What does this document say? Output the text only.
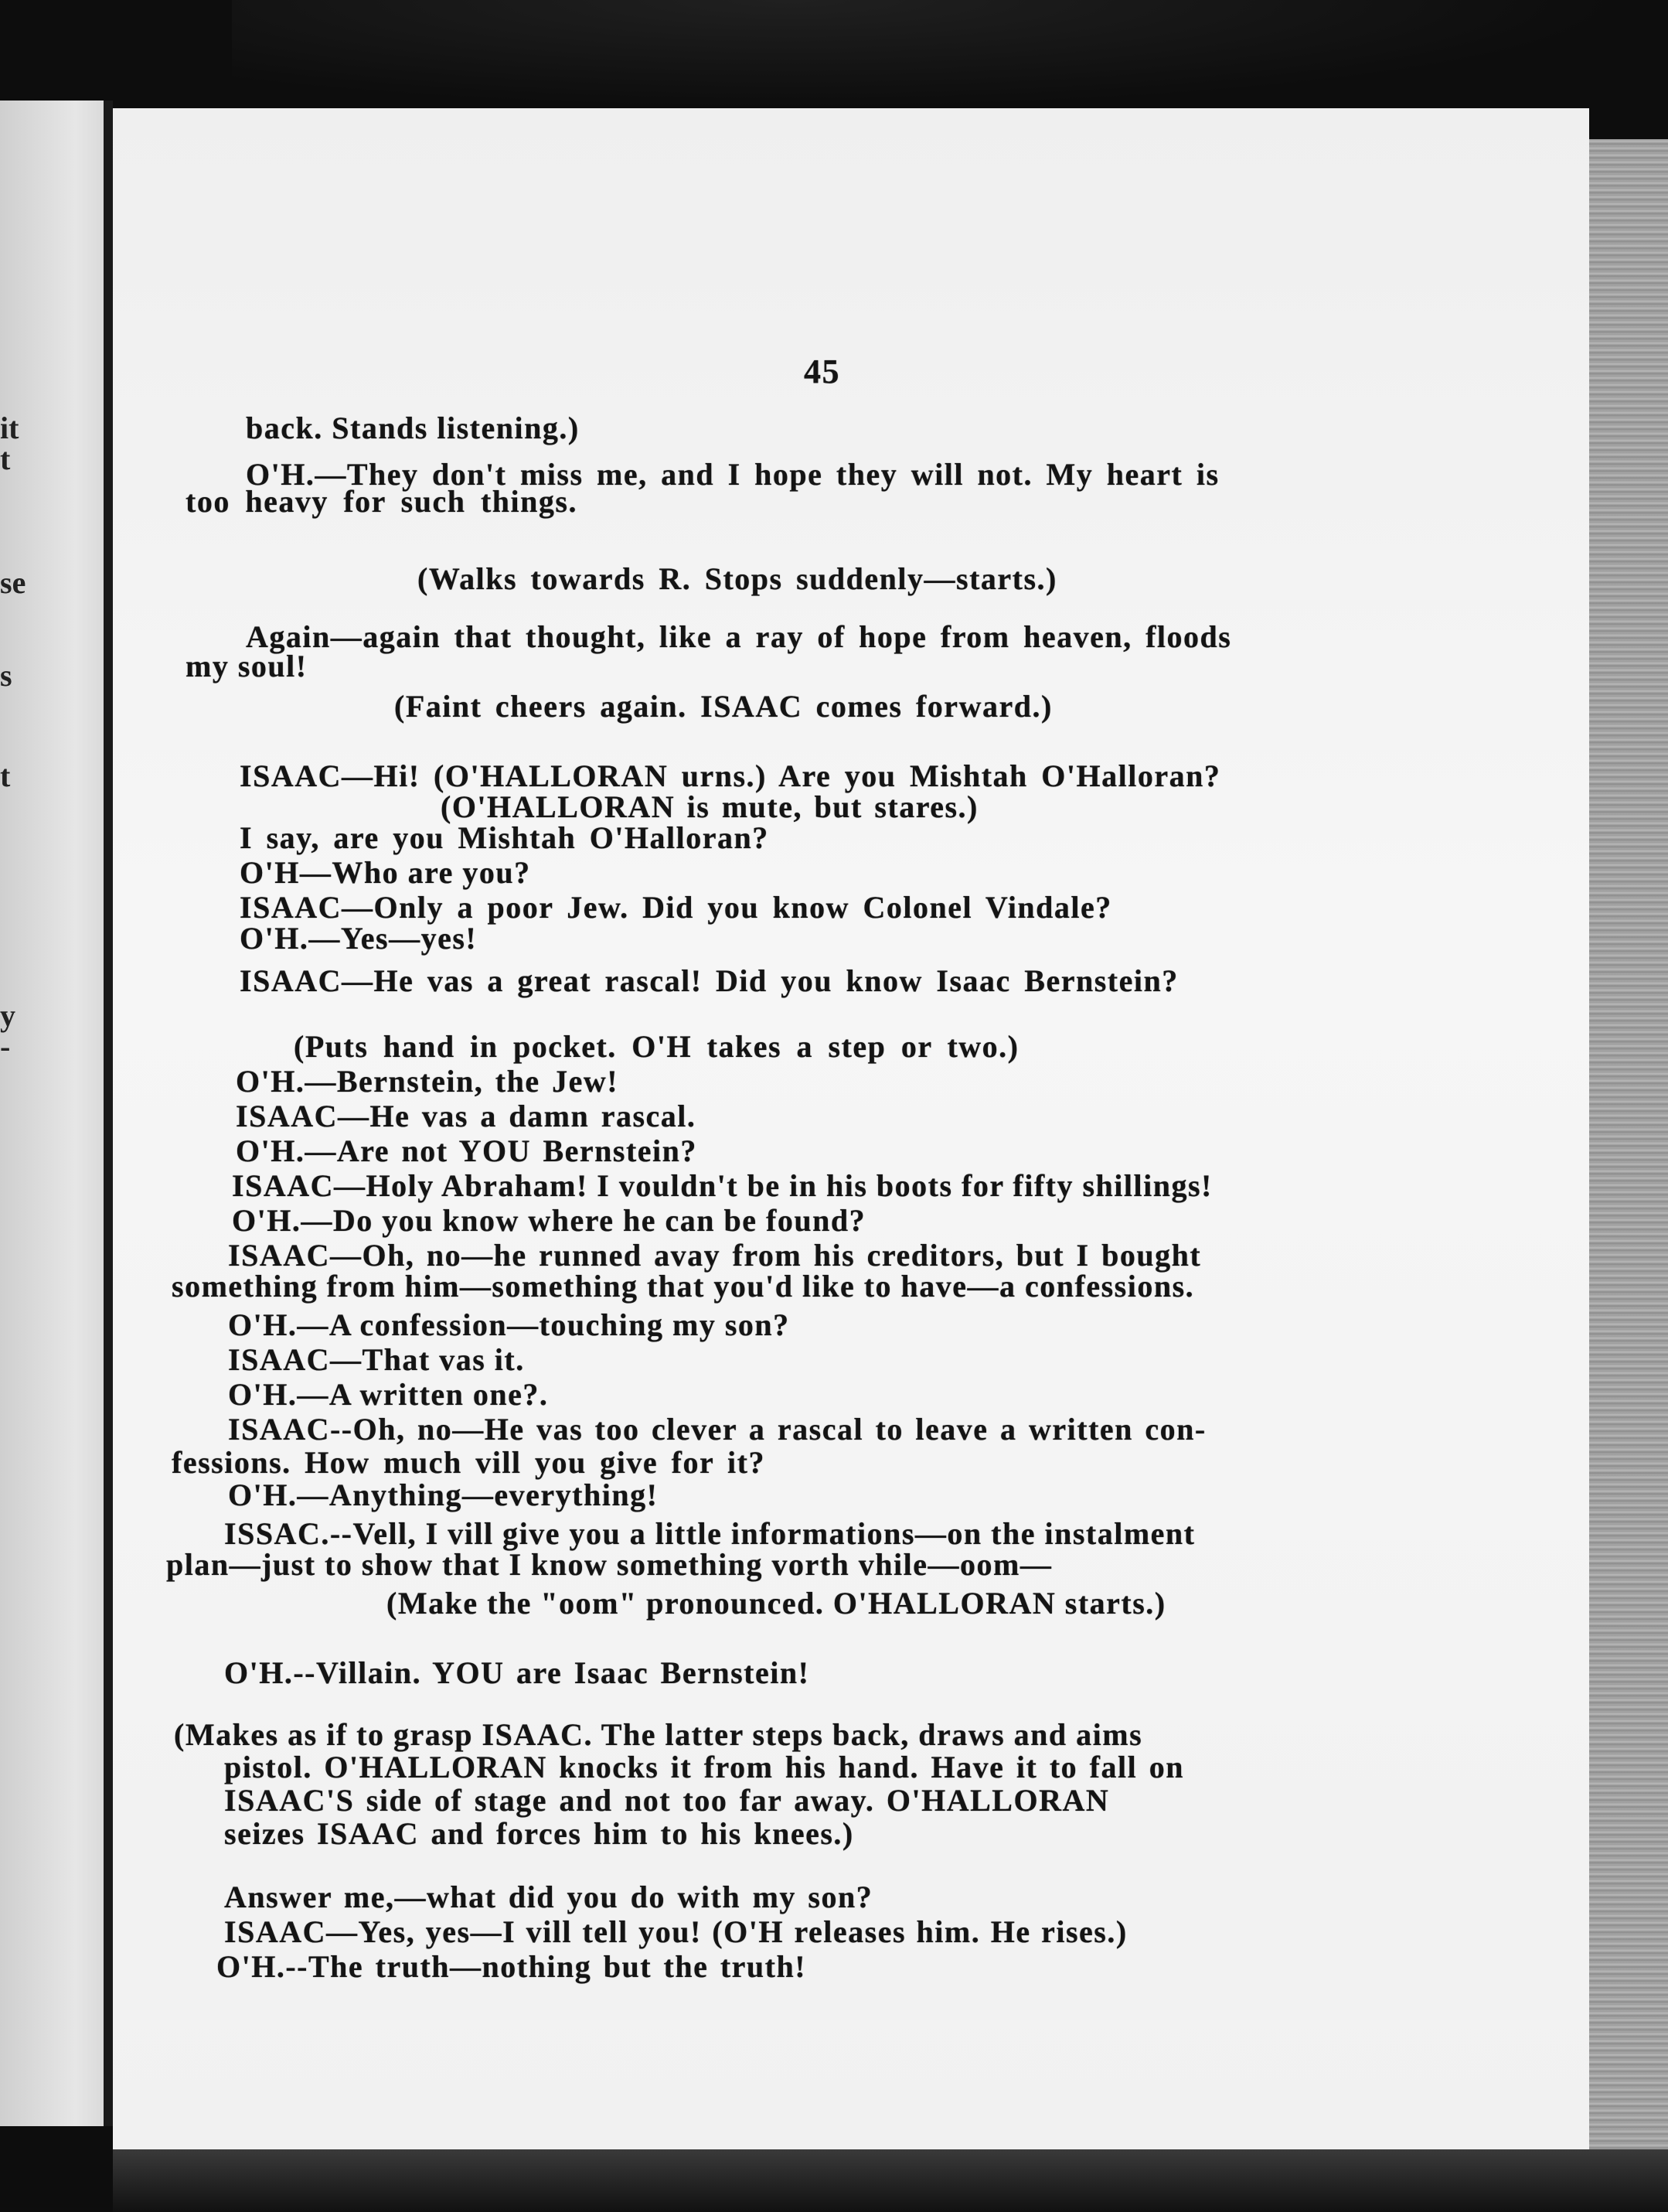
it
t
se
s
t
y
-
45
back. Stands listening.)
O'H.—They don't miss me, and I hope they will not. My heart is
too heavy for such things.
(Walks towards R. Stops suddenly—starts.)
Again—again that thought, like a ray of hope from heaven, floods
my soul!
(Faint cheers again. ISAAC comes forward.)
ISAAC—Hi! (O'HALLORAN urns.) Are you Mishtah O'Halloran?
(O'HALLORAN is mute, but stares.)
I say, are you Mishtah O'Halloran?
O'H—Who are you?
ISAAC—Only a poor Jew. Did you know Colonel Vindale?
O'H.—Yes—yes!
ISAAC—He vas a great rascal! Did you know Isaac Bernstein?
(Puts hand in pocket. O'H takes a step or two.)
O'H.—Bernstein, the Jew!
ISAAC—He vas a damn rascal.
O'H.—Are not YOU Bernstein?
ISAAC—Holy Abraham! I vouldn't be in his boots for fifty shillings!
O'H.—Do you know where he can be found?
ISAAC—Oh, no—he runned avay from his creditors, but I bought
something from him—something that you'd like to have—a confessions.
O'H.—A confession—touching my son?
ISAAC—That vas it.
O'H.—A written one?.
ISAAC--Oh, no—He vas too clever a rascal to leave a written con-
fessions. How much vill you give for it?
O'H.—Anything—everything!
ISSAC.--Vell, I vill give you a little informations—on the instalment
plan—just to show that I know something vorth vhile—oom—
(Make the "oom" pronounced. O'HALLORAN starts.)
O'H.--Villain. YOU are Isaac Bernstein!
(Makes as if to grasp ISAAC. The latter steps back, draws and aims
pistol. O'HALLORAN knocks it from his hand. Have it to fall on
ISAAC'S side of stage and not too far away. O'HALLORAN
seizes ISAAC and forces him to his knees.)
Answer me,—what did you do with my son?
ISAAC—Yes, yes—I vill tell you! (O'H releases him. He rises.)
O'H.--The truth—nothing but the truth!
